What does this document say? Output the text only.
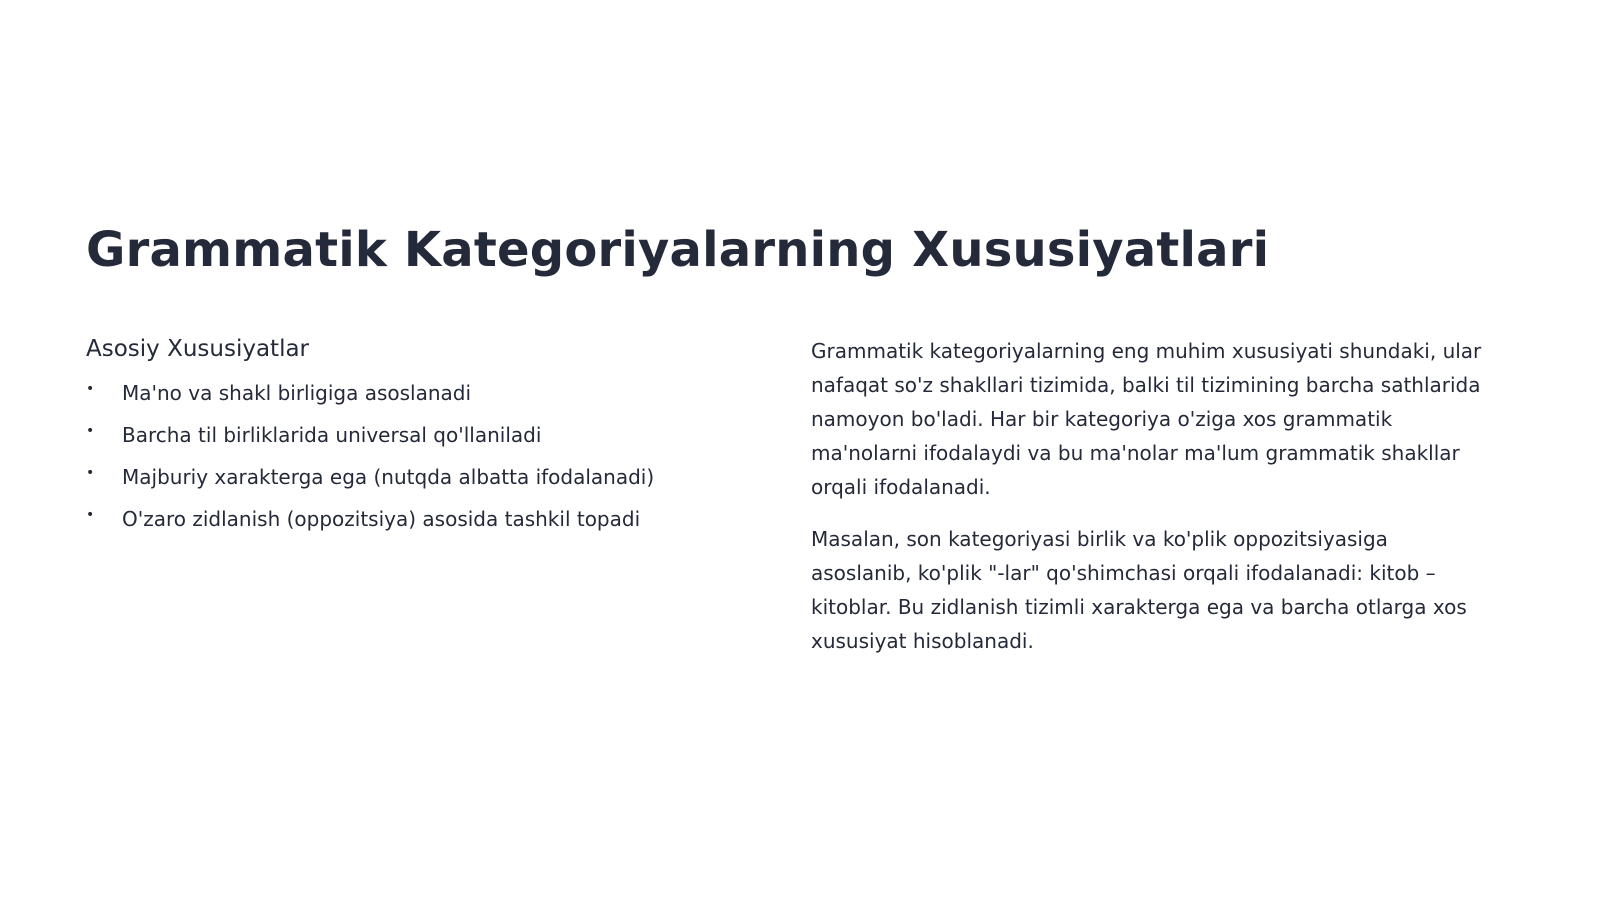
Grammatik Kategoriyalarning Xususiyatlari
Asosiy Xususiyatlar
• Ma'no va shakl birligiga asoslanadi
• Barcha til birliklarida universal qo'llaniladi
• Majburiy xarakterga ega (nutqda albatta ifodalanadi)
• O'zaro zidlanish (oppozitsiya) asosida tashkil topadi

Grammatik kategoriyalarning eng muhim xususiyati shundaki, ular nafaqat so'z shakllari tizimida, balki til tizimining barcha sathlarida namoyon bo'ladi. Har bir kategoriya o'ziga xos grammatik ma'nolarni ifodalaydi va bu ma'nolar ma'lum grammatik shakllar orqali ifodalanadi.

Masalan, son kategoriyasi birlik va ko'plik oppozitsiyasiga asoslanib, ko'plik "-lar" qo'shimchasi orqali ifodalanadi: kitob – kitoblar. Bu zidlanish tizimli xarakterga ega va barcha otlarga xos xususiyat hisoblanadi.
